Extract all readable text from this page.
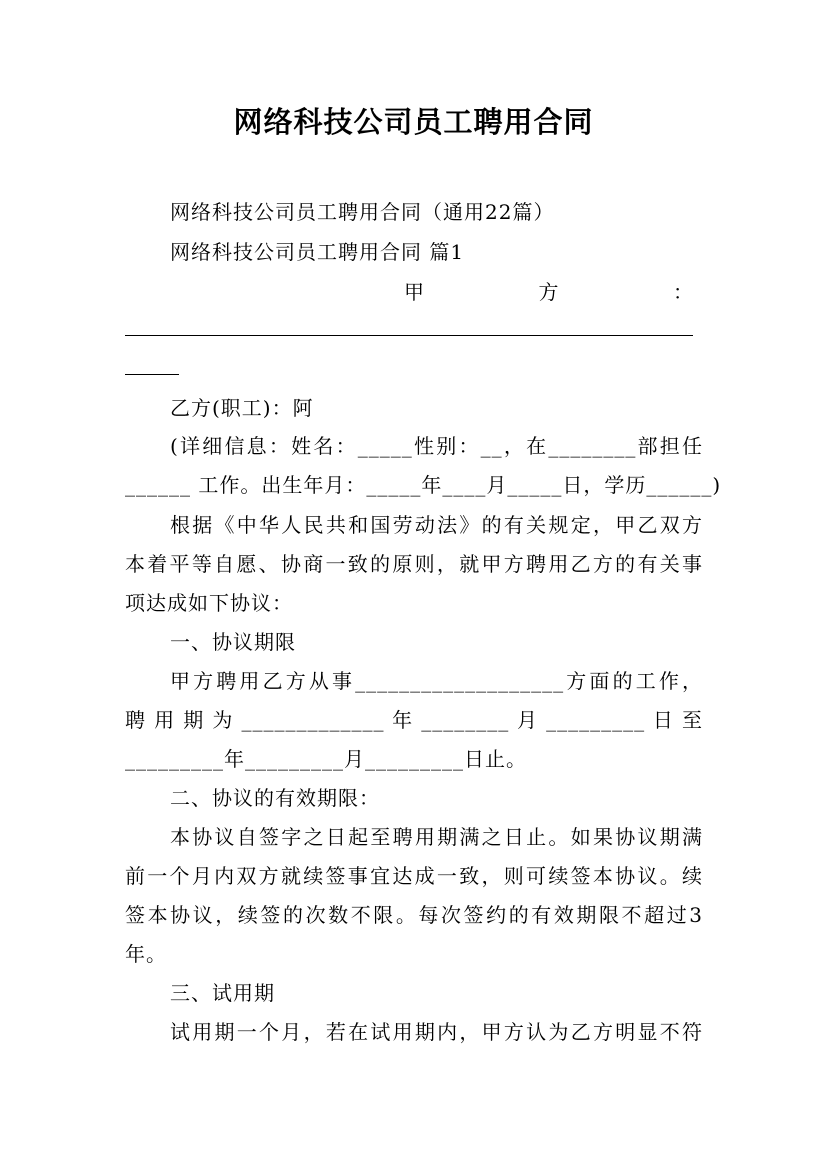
网络科技公司员工聘用合同
网络科技公司员工聘用合同（通用22篇）
网络科技公司员工聘用合同 篇1
甲　　　　　方　　　　　：
乙方(职工)：阿
(详细信息：姓名：_____性别：__，在________部担任
______ 工作。出生年月：_____年____月_____日，学历______)
根据《中华人民共和国劳动法》的有关规定，甲乙双方
本着平等自愿、协商一致的原则，就甲方聘用乙方的有关事
项达成如下协议：
一、协议期限
甲方聘用乙方从事___________________方面的工作，
聘 用 期 为 _____________ 年 ________ 月 _________ 日 至
_________年_________月_________日止。
二、协议的有效期限：
本协议自签字之日起至聘用期满之日止。如果协议期满
前一个月内双方就续签事宜达成一致，则可续签本协议。续
签本协议，续签的次数不限。每次签约的有效期限不超过3
年。
三、试用期
试用期一个月，若在试用期内，甲方认为乙方明显不符
